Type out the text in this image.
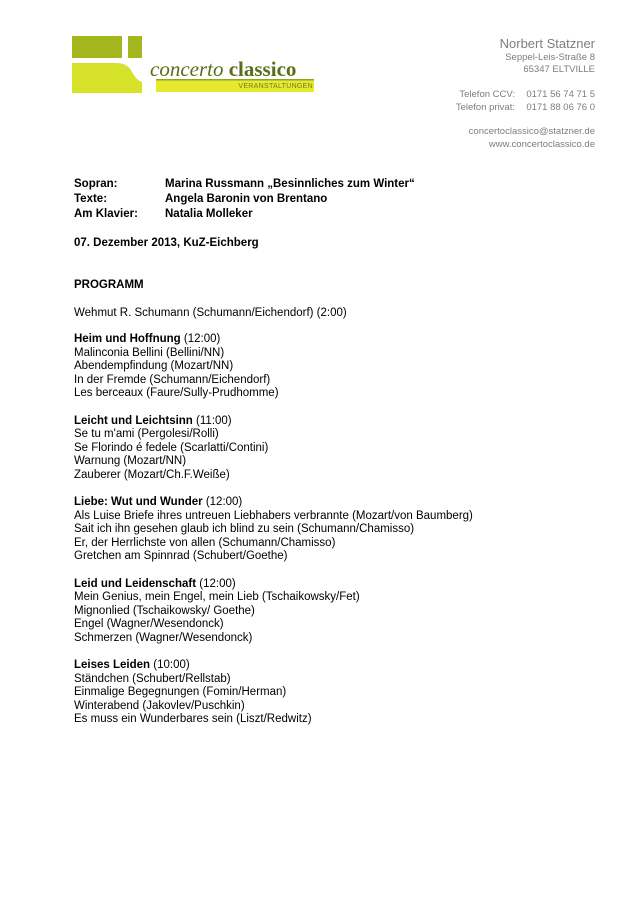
concerto classico
VERANSTALTUNGEN
Norbert Statzner
Seppel-Leis-Straße 8
65347 ELTVILLE
Telefon CCV:	0171 56 74 71 5
Telefon privat:	0171 88 06 76 0
concertoclassico@statzner.de
www.concertoclassico.de
Sopran:	Marina Russmann „Besinnliches zum Winter“
Texte:	Angela Baronin von Brentano
Am Klavier:	Natalia Molleker
07. Dezember 2013, KuZ-Eichberg
PROGRAMM
Wehmut R. Schumann (Schumann/Eichendorf) (2:00)
Heim und Hoffnung (12:00)
Malinconia Bellini (Bellini/NN)
Abendempfindung (Mozart/NN)
In der Fremde (Schumann/Eichendorf)
Les berceaux (Faure/Sully-Prudhomme)
Leicht und Leichtsinn (11:00)
Se tu m'ami (Pergolesi/Rolli)
Se Florindo é fedele (Scarlatti/Contini)
Warnung (Mozart/NN)
Zauberer (Mozart/Ch.F.Weiße)
Liebe: Wut und Wunder (12:00)
Als Luise Briefe ihres untreuen Liebhabers verbrannte (Mozart/von Baumberg)
Sait ich ihn gesehen glaub ich blind zu sein (Schumann/Chamisso)
Er, der Herrlichste von allen (Schumann/Chamisso)
Gretchen am Spinnrad (Schubert/Goethe)
Leid und Leidenschaft (12:00)
Mein Genius, mein Engel, mein Lieb (Tschaikowsky/Fet)
Mignonlied (Tschaikowsky/ Goethe)
Engel (Wagner/Wesendonck)
Schmerzen (Wagner/Wesendonck)
Leises Leiden (10:00)
Ständchen (Schubert/Rellstab)
Einmalige Begegnungen (Fomin/Herman)
Winterabend (Jakovlev/Puschkin)
Es muss ein Wunderbares sein (Liszt/Redwitz)
